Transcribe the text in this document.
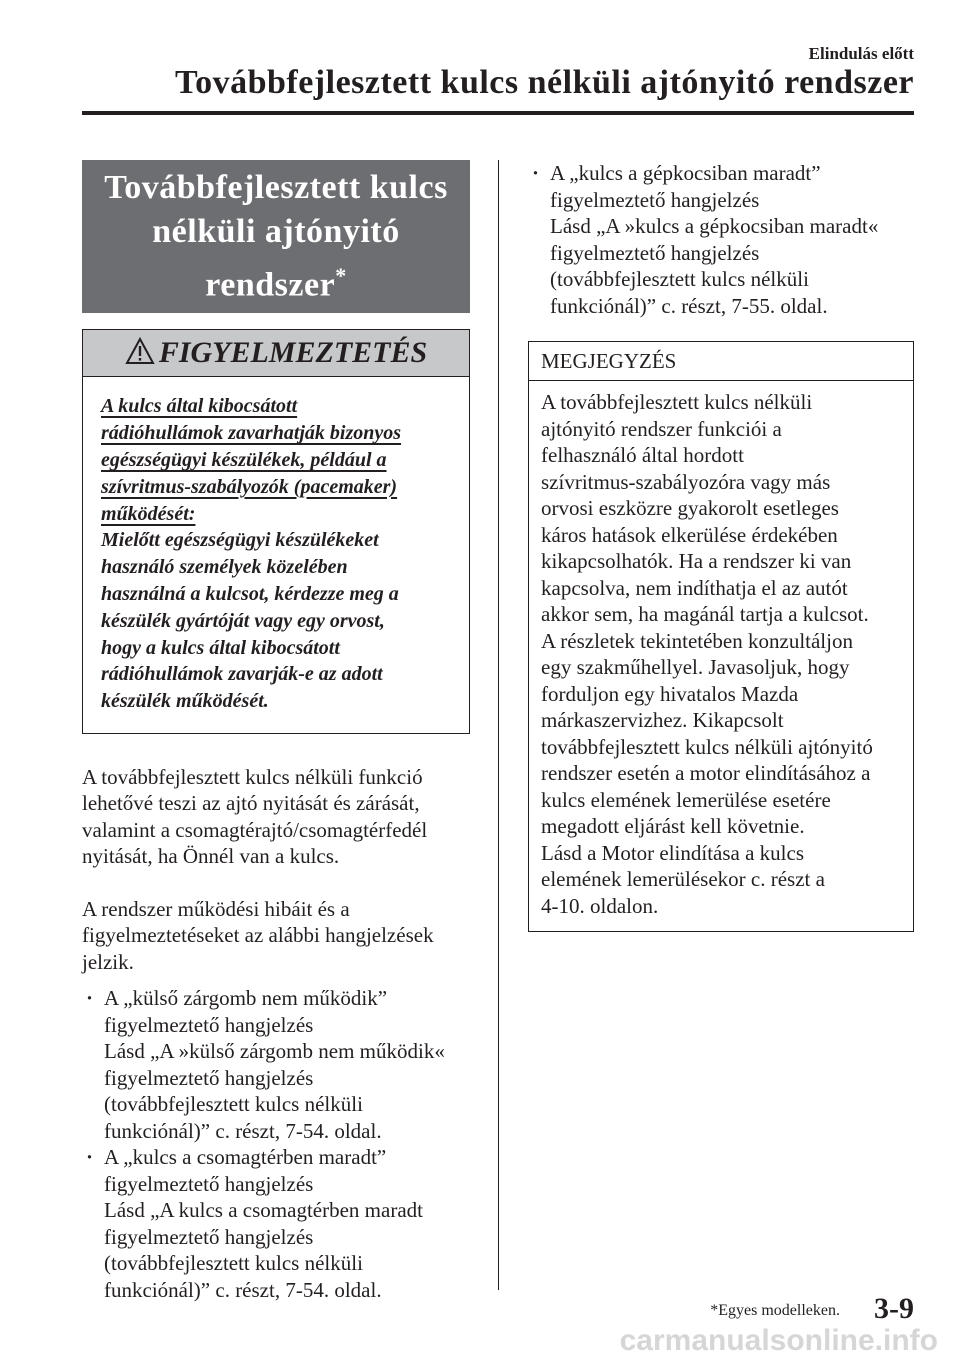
Elindulás előtt
Továbbfejlesztett kulcs nélküli ajtónyitó rendszer
Továbbfejlesztett kulcs
nélküli ajtónyitó rendszer*
FIGYELMEZTETÉS
A kulcs által kibocsátott
rádióhullámok zavarhatják bizonyos
egészségügyi készülékek, például a
szívritmus-szabályozók (pacemaker)
működését:
Mielőtt egészségügyi készülékeket
használó személyek közelében
használná a kulcsot, kérdezze meg a
készülék gyártóját vagy egy orvost,
hogy a kulcs által kibocsátott
rádióhullámok zavarják-e az adott
készülék működését.
A továbbfejlesztett kulcs nélküli funkció
lehetővé teszi az ajtó nyitását és zárását,
valamint a csomagtérajtó/csomagtérfedél
nyitását, ha Önnél van a kulcs.
A rendszer működési hibáit és a
figyelmeztetéseket az alábbi hangjelzések
jelzik.
· A „külső zárgomb nem működik”
figyelmeztető hangjelzés
Lásd „A »külső zárgomb nem működik«
figyelmeztető hangjelzés
(továbbfejlesztett kulcs nélküli
funkciónál)” c. részt, 7-54. oldal.
· A „kulcs a csomagtérben maradt”
figyelmeztető hangjelzés
Lásd „A kulcs a csomagtérben maradt
figyelmeztető hangjelzés
(továbbfejlesztett kulcs nélküli
funkciónál)” c. részt, 7-54. oldal.
· A „kulcs a gépkocsiban maradt”
figyelmeztető hangjelzés
Lásd „A »kulcs a gépkocsiban maradt«
figyelmeztető hangjelzés
(továbbfejlesztett kulcs nélküli
funkciónál)” c. részt, 7-55. oldal.
MEGJEGYZÉS
A továbbfejlesztett kulcs nélküli
ajtónyitó rendszer funkciói a
felhasználó által hordott
szívritmus-szabályozóra vagy más
orvosi eszközre gyakorolt esetleges
káros hatások elkerülése érdekében
kikapcsolhatók. Ha a rendszer ki van
kapcsolva, nem indíthatja el az autót
akkor sem, ha magánál tartja a kulcsot.
A részletek tekintetében konzultáljon
egy szakműhellyel. Javasoljuk, hogy
forduljon egy hivatalos Mazda
márkaszervizhez. Kikapcsolt
továbbfejlesztett kulcs nélküli ajtónyitó
rendszer esetén a motor elindításához a
kulcs elemének lemerülése esetére
megadott eljárást kell követnie.
Lásd a Motor elindítása a kulcs
elemének lemerülésekor c. részt a
4-10. oldalon.
*Egyes modelleken. 3-9
carmanualsonline.info
